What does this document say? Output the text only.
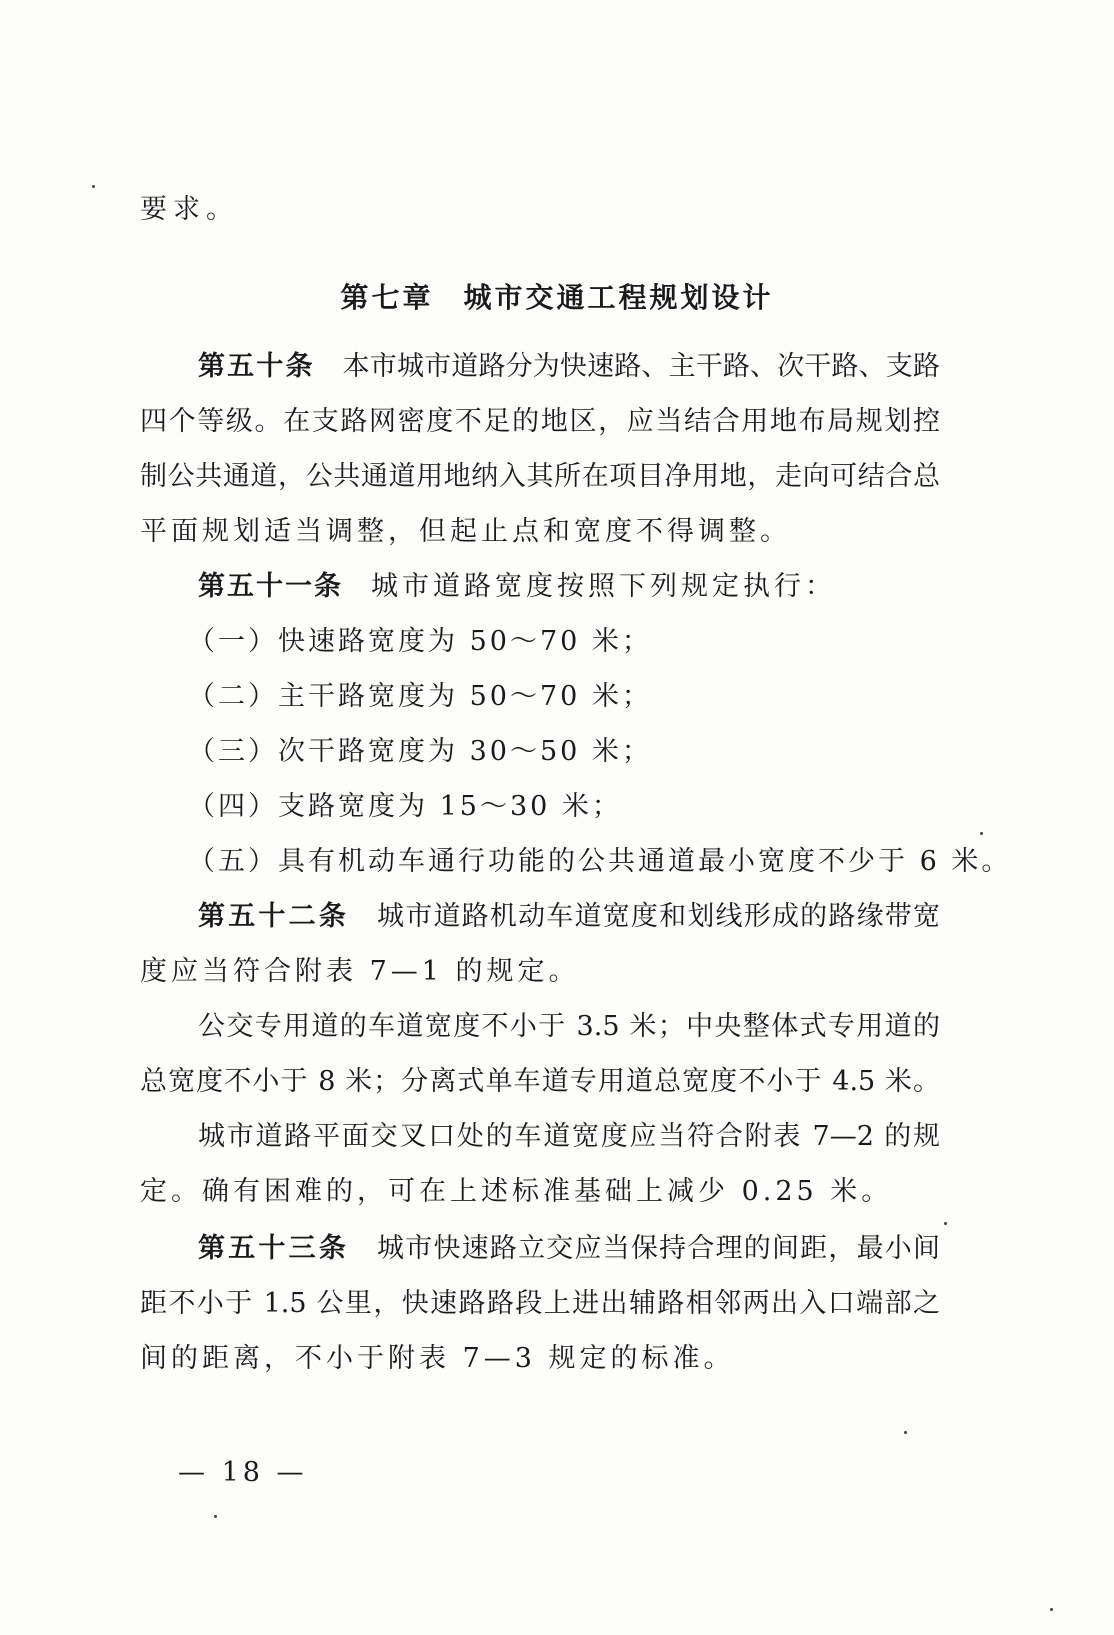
要求。
第七章 城市交通工程规划设计
第五十条 本市城市道路分为快速路、主干路、次干路、支路
四个等级。在支路网密度不足的地区，应当结合用地布局规划控
制公共通道，公共通道用地纳入其所在项目净用地，走向可结合总
平面规划适当调整，但起止点和宽度不得调整。
第五十一条 城市道路宽度按照下列规定执行：
（一）快速路宽度为 50～70 米；
（二）主干路宽度为 50～70 米；
（三）次干路宽度为 30～50 米；
（四）支路宽度为 15～30 米；
（五）具有机动车通行功能的公共通道最小宽度不少于 6 米。
第五十二条 城市道路机动车道宽度和划线形成的路缘带宽
度应当符合附表 7—1 的规定。
公交专用道的车道宽度不小于 3.5 米；中央整体式专用道的
总宽度不小于 8 米；分离式单车道专用道总宽度不小于 4.5 米。
城市道路平面交叉口处的车道宽度应当符合附表 7—2 的规
定。确有困难的，可在上述标准基础上减少 0.25 米。
第五十三条 城市快速路立交应当保持合理的间距，最小间
距不小于 1.5 公里，快速路路段上进出辅路相邻两出入口端部之
间的距离，不小于附表 7—3 规定的标准。
— 18 —
